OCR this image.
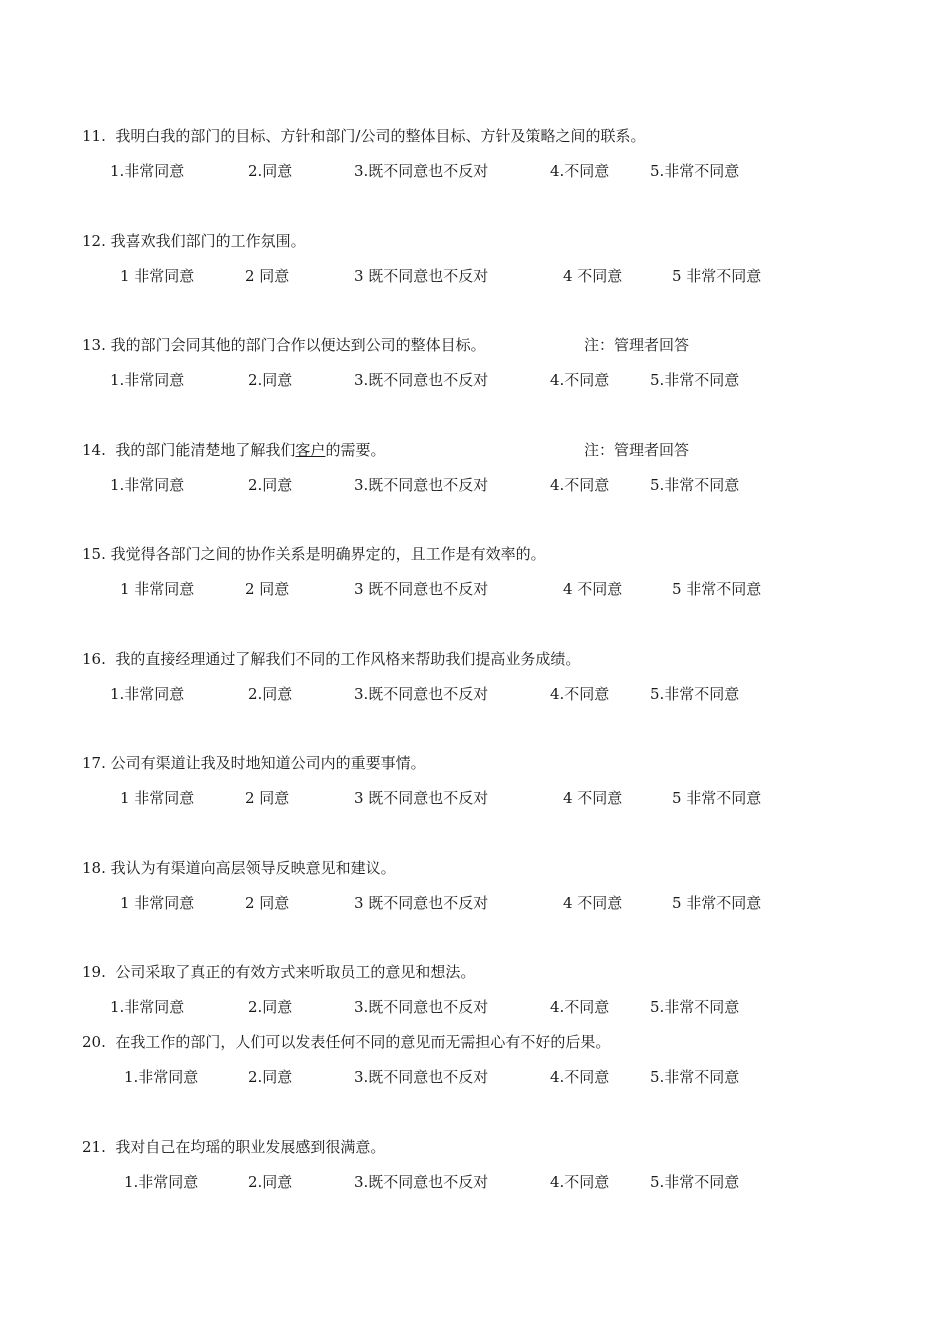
11. 我明白我的部门的目标、方针和部门/公司的整体目标、方针及策略之间的联系。
1.非常同意	2.同意	3.既不同意也不反对	4.不同意	5.非常不同意
12. 我喜欢我们部门的工作氛围。
1 非常同意	2 同意	3 既不同意也不反对	4 不同意	5 非常不同意
13. 我的部门会同其他的部门合作以便达到公司的整体目标。	注：管理者回答
1.非常同意	2.同意	3.既不同意也不反对	4.不同意	5.非常不同意
14. 我的部门能清楚地了解我们客户的需要。	注：管理者回答
1.非常同意	2.同意	3.既不同意也不反对	4.不同意	5.非常不同意
15. 我觉得各部门之间的协作关系是明确界定的，且工作是有效率的。
1 非常同意	2 同意	3 既不同意也不反对	4 不同意	5 非常不同意
16. 我的直接经理通过了解我们不同的工作风格来帮助我们提高业务成绩。
1.非常同意	2.同意	3.既不同意也不反对	4.不同意	5.非常不同意
17. 公司有渠道让我及时地知道公司内的重要事情。
1 非常同意	2 同意	3 既不同意也不反对	4 不同意	5 非常不同意
18. 我认为有渠道向高层领导反映意见和建议。
1 非常同意	2 同意	3 既不同意也不反对	4 不同意	5 非常不同意
19. 公司采取了真正的有效方式来听取员工的意见和想法。
1.非常同意	2.同意	3.既不同意也不反对	4.不同意	5.非常不同意
20. 在我工作的部门，人们可以发表任何不同的意见而无需担心有不好的后果。
1.非常同意	2.同意	3.既不同意也不反对	4.不同意	5.非常不同意
21. 我对自己在均瑶的职业发展感到很满意。
1.非常同意	2.同意	3.既不同意也不反对	4.不同意	5.非常不同意
